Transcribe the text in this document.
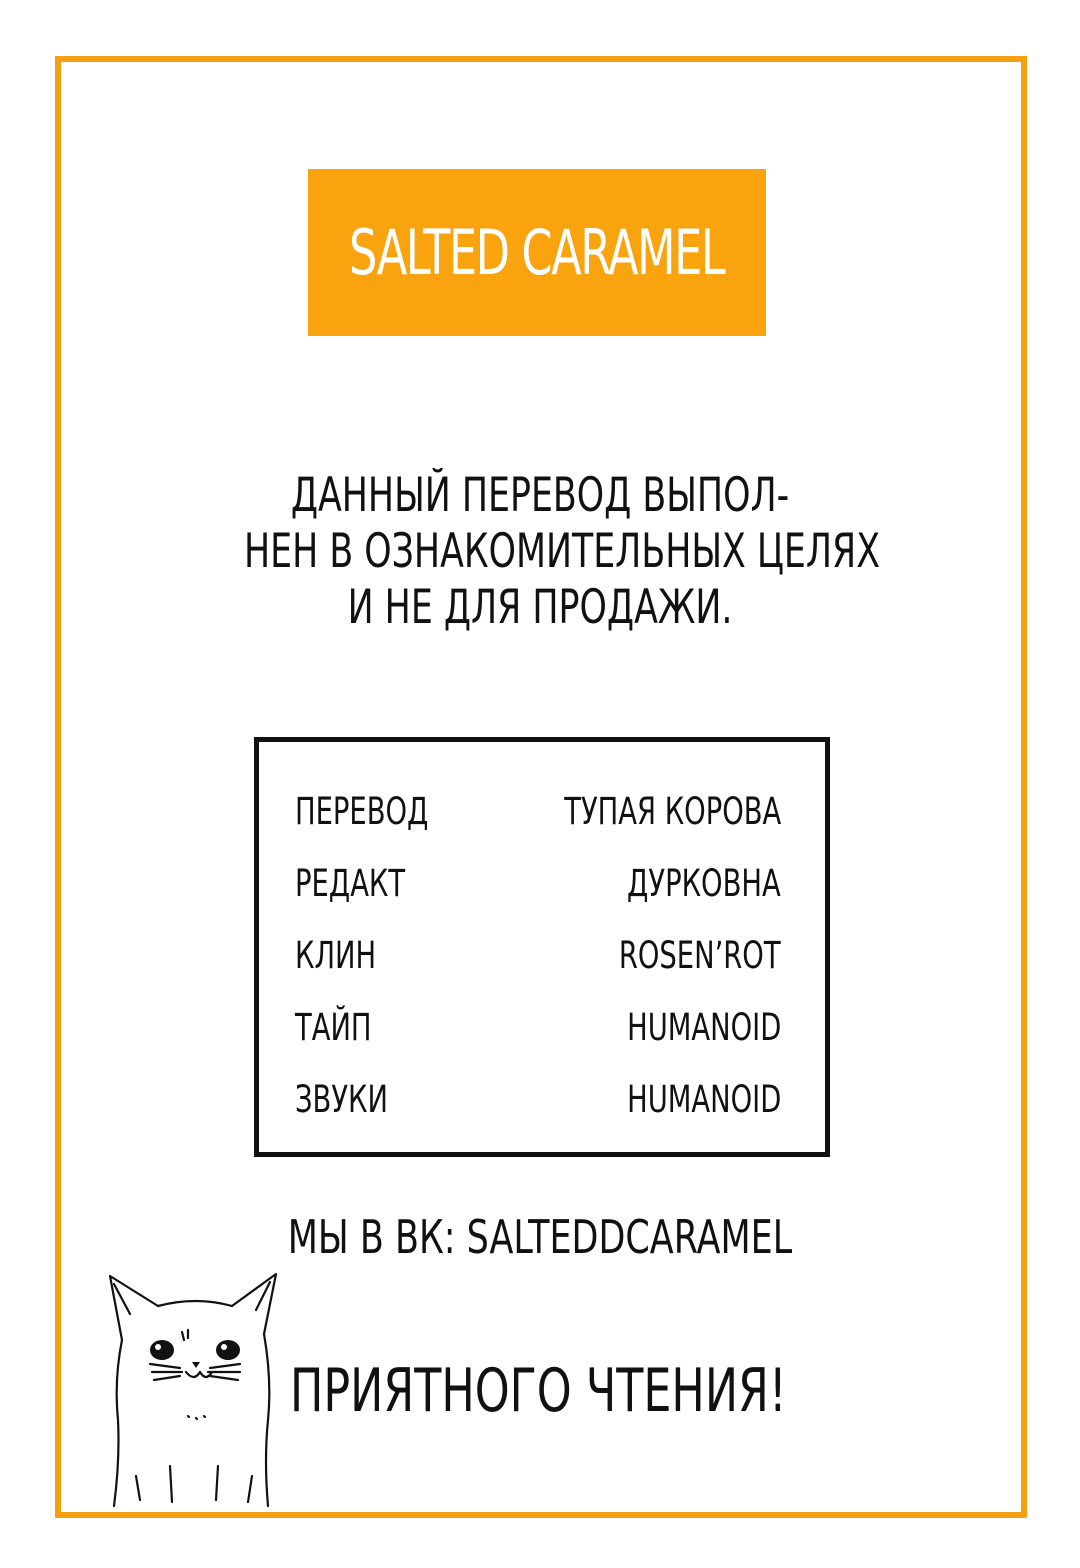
SALTED CARAMEL
ДАННЫЙ ПЕРЕВОД ВЫПОЛ-
НЕН В ОЗНАКОМИТЕЛЬНЫХ ЦЕЛЯХ
И НЕ ДЛЯ ПРОДАЖИ.
ПЕРЕВОД	ТУПАЯ КОРОВА
РЕДАКТ	ДУРКОВНА
КЛИН	ROSEN’ROT
ТАЙП	HUMANOID
ЗВУКИ	HUMANOID
МЫ В ВК: SALTEDDCARAMEL
ПРИЯТНОГО ЧТЕНИЯ!
